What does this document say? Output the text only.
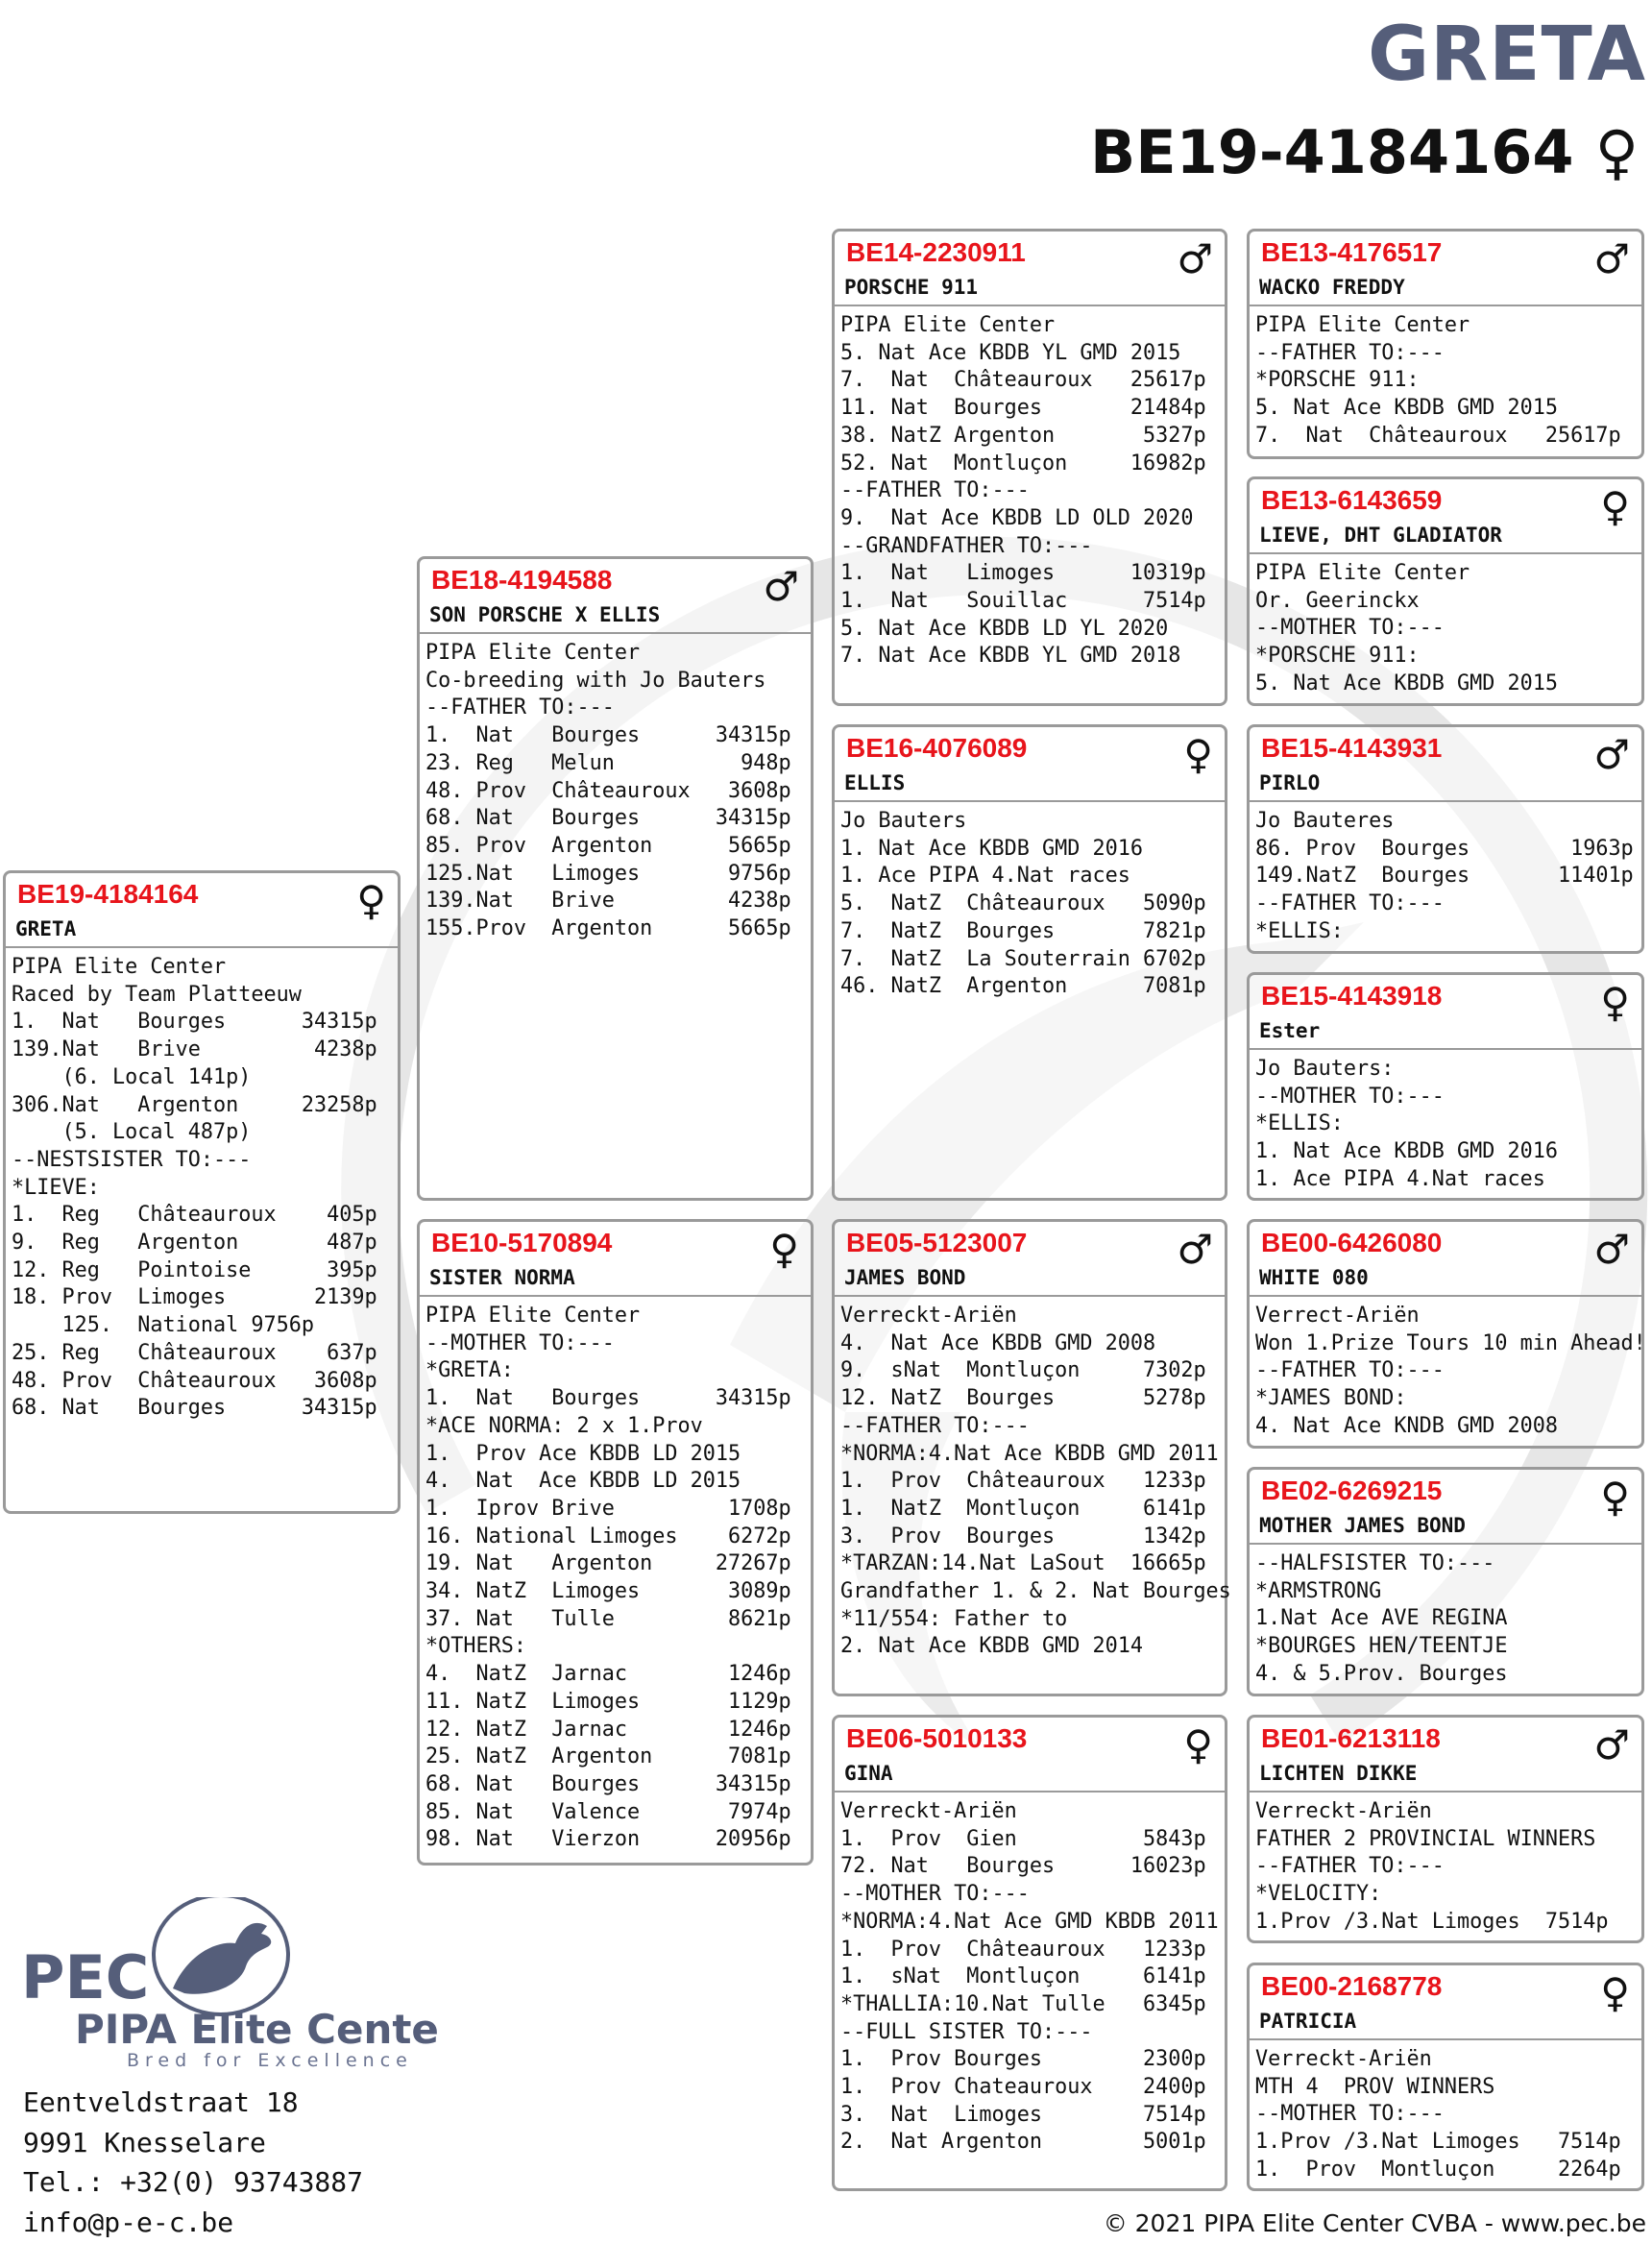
GRETA
BE19-4184164 ♀
BE19-4184164
GRETA
♀
PIPA Elite Center
Raced by Team Platteeuw
1.  Nat   Bourges      34315p
139.Nat   Brive         4238p
(6. Local 141p)
306.Nat   Argenton     23258p
(5. Local 487p)
--NESTSISTER TO:---
*LIEVE:
1.  Reg   Châteauroux    405p
9.  Reg   Argenton       487p
12. Reg   Pointoise      395p
18. Prov  Limoges       2139p
125.  National 9756p
25. Reg   Châteauroux    637p
48. Prov  Châteauroux   3608p
68. Nat   Bourges      34315p
BE18-4194588
SON PORSCHE X ELLIS
♂
PIPA Elite Center
Co-breeding with Jo Bauters
--FATHER TO:---
1.  Nat   Bourges      34315p
23. Reg   Melun          948p
48. Prov  Châteauroux   3608p
68. Nat   Bourges      34315p
85. Prov  Argenton      5665p
125.Nat   Limoges       9756p
139.Nat   Brive         4238p
155.Prov  Argenton      5665p
BE10-5170894
SISTER NORMA
♀
PIPA Elite Center
--MOTHER TO:---
*GRETA:
1.  Nat   Bourges      34315p
*ACE NORMA: 2 x 1.Prov
1.  Prov Ace KBDB LD 2015
4.  Nat  Ace KBDB LD 2015
1.  Iprov Brive         1708p
16. National Limoges    6272p
19. Nat   Argenton     27267p
34. NatZ  Limoges       3089p
37. Nat   Tulle         8621p
*OTHERS:
4.  NatZ  Jarnac        1246p
11. NatZ  Limoges       1129p
12. NatZ  Jarnac        1246p
25. NatZ  Argenton      7081p
68. Nat   Bourges      34315p
85. Nat   Valence       7974p
98. Nat   Vierzon      20956p
BE14-2230911
PORSCHE 911
♂
PIPA Elite Center
5. Nat Ace KBDB YL GMD 2015
7.  Nat  Châteauroux   25617p
11. Nat  Bourges       21484p
38. NatZ Argenton       5327p
52. Nat  Montluçon     16982p
--FATHER TO:---
9.  Nat Ace KBDB LD OLD 2020
--GRANDFATHER TO:---
1.  Nat   Limoges      10319p
1.  Nat   Souillac      7514p
5. Nat Ace KBDB LD YL 2020
7. Nat Ace KBDB YL GMD 2018
BE16-4076089
ELLIS
♀
Jo Bauters
1. Nat Ace KBDB GMD 2016
1. Ace PIPA 4.Nat races
5.  NatZ  Châteauroux   5090p
7.  NatZ  Bourges       7821p
7.  NatZ  La Souterrain 6702p
46. NatZ  Argenton      7081p
BE05-5123007
JAMES BOND
♂
Verreckt-Ariën
4.  Nat Ace KBDB GMD 2008
9.  sNat  Montluçon     7302p
12. NatZ  Bourges       5278p
--FATHER TO:---
*NORMA:4.Nat Ace KBDB GMD 2011
1.  Prov  Châteauroux   1233p
1.  NatZ  Montluçon     6141p
3.  Prov  Bourges       1342p
*TARZAN:14.Nat LaSout  16665p
Grandfather 1. & 2. Nat Bourges
*11/554: Father to
2. Nat Ace KBDB GMD 2014
BE06-5010133
GINA
♀
Verreckt-Ariën
1.  Prov  Gien          5843p
72. Nat   Bourges      16023p
--MOTHER TO:---
*NORMA:4.Nat Ace GMD KBDB 2011
1.  Prov  Châteauroux   1233p
1.  sNat  Montluçon     6141p
*THALLIA:10.Nat Tulle   6345p
--FULL SISTER TO:---
1.  Prov Bourges        2300p
1.  Prov Chateauroux    2400p
3.  Nat  Limoges        7514p
2.  Nat Argenton        5001p
BE13-4176517
WACKO FREDDY
♂
PIPA Elite Center
--FATHER TO:---
*PORSCHE 911:
5. Nat Ace KBDB GMD 2015
7.  Nat  Châteauroux   25617p
BE13-6143659
LIEVE, DHT GLADIATOR
♀
PIPA Elite Center
Or. Geerinckx
--MOTHER TO:---
*PORSCHE 911:
5. Nat Ace KBDB GMD 2015
BE15-4143931
PIRLO
♂
Jo Bauteres
86. Prov  Bourges        1963p
149.NatZ  Bourges       11401p
--FATHER TO:---
*ELLIS:
BE15-4143918
Ester
♀
Jo Bauters:
--MOTHER TO:---
*ELLIS:
1. Nat Ace KBDB GMD 2016
1. Ace PIPA 4.Nat races
BE00-6426080
WHITE 080
♂
Verrect-Ariën
Won 1.Prize Tours 10 min Ahead!
--FATHER TO:---
*JAMES BOND:
4. Nat Ace KNDB GMD 2008
BE02-6269215
MOTHER JAMES BOND
♀
--HALFSISTER TO:---
*ARMSTRONG
1.Nat Ace AVE REGINA
*BOURGES HEN/TEENTJE
4. & 5.Prov. Bourges
BE01-6213118
LICHTEN DIKKE
♂
Verreckt-Ariën
FATHER 2 PROVINCIAL WINNERS
--FATHER TO:---
*VELOCITY:
1.Prov /3.Nat Limoges  7514p
BE00-2168778
PATRICIA
♀
Verreckt-Ariën
MTH 4  PROV WINNERS
--MOTHER TO:---
1.Prov /3.Nat Limoges   7514p
1.  Prov  Montluçon     2264p
PEC
PIPA Elite Center
Bred for Excellence
Eentveldstraat 18
9991 Knesselare
Tel.: +32(0) 93743887
info@p-e-c.be	© 2021 PIPA Elite Center CVBA - www.pec.be
